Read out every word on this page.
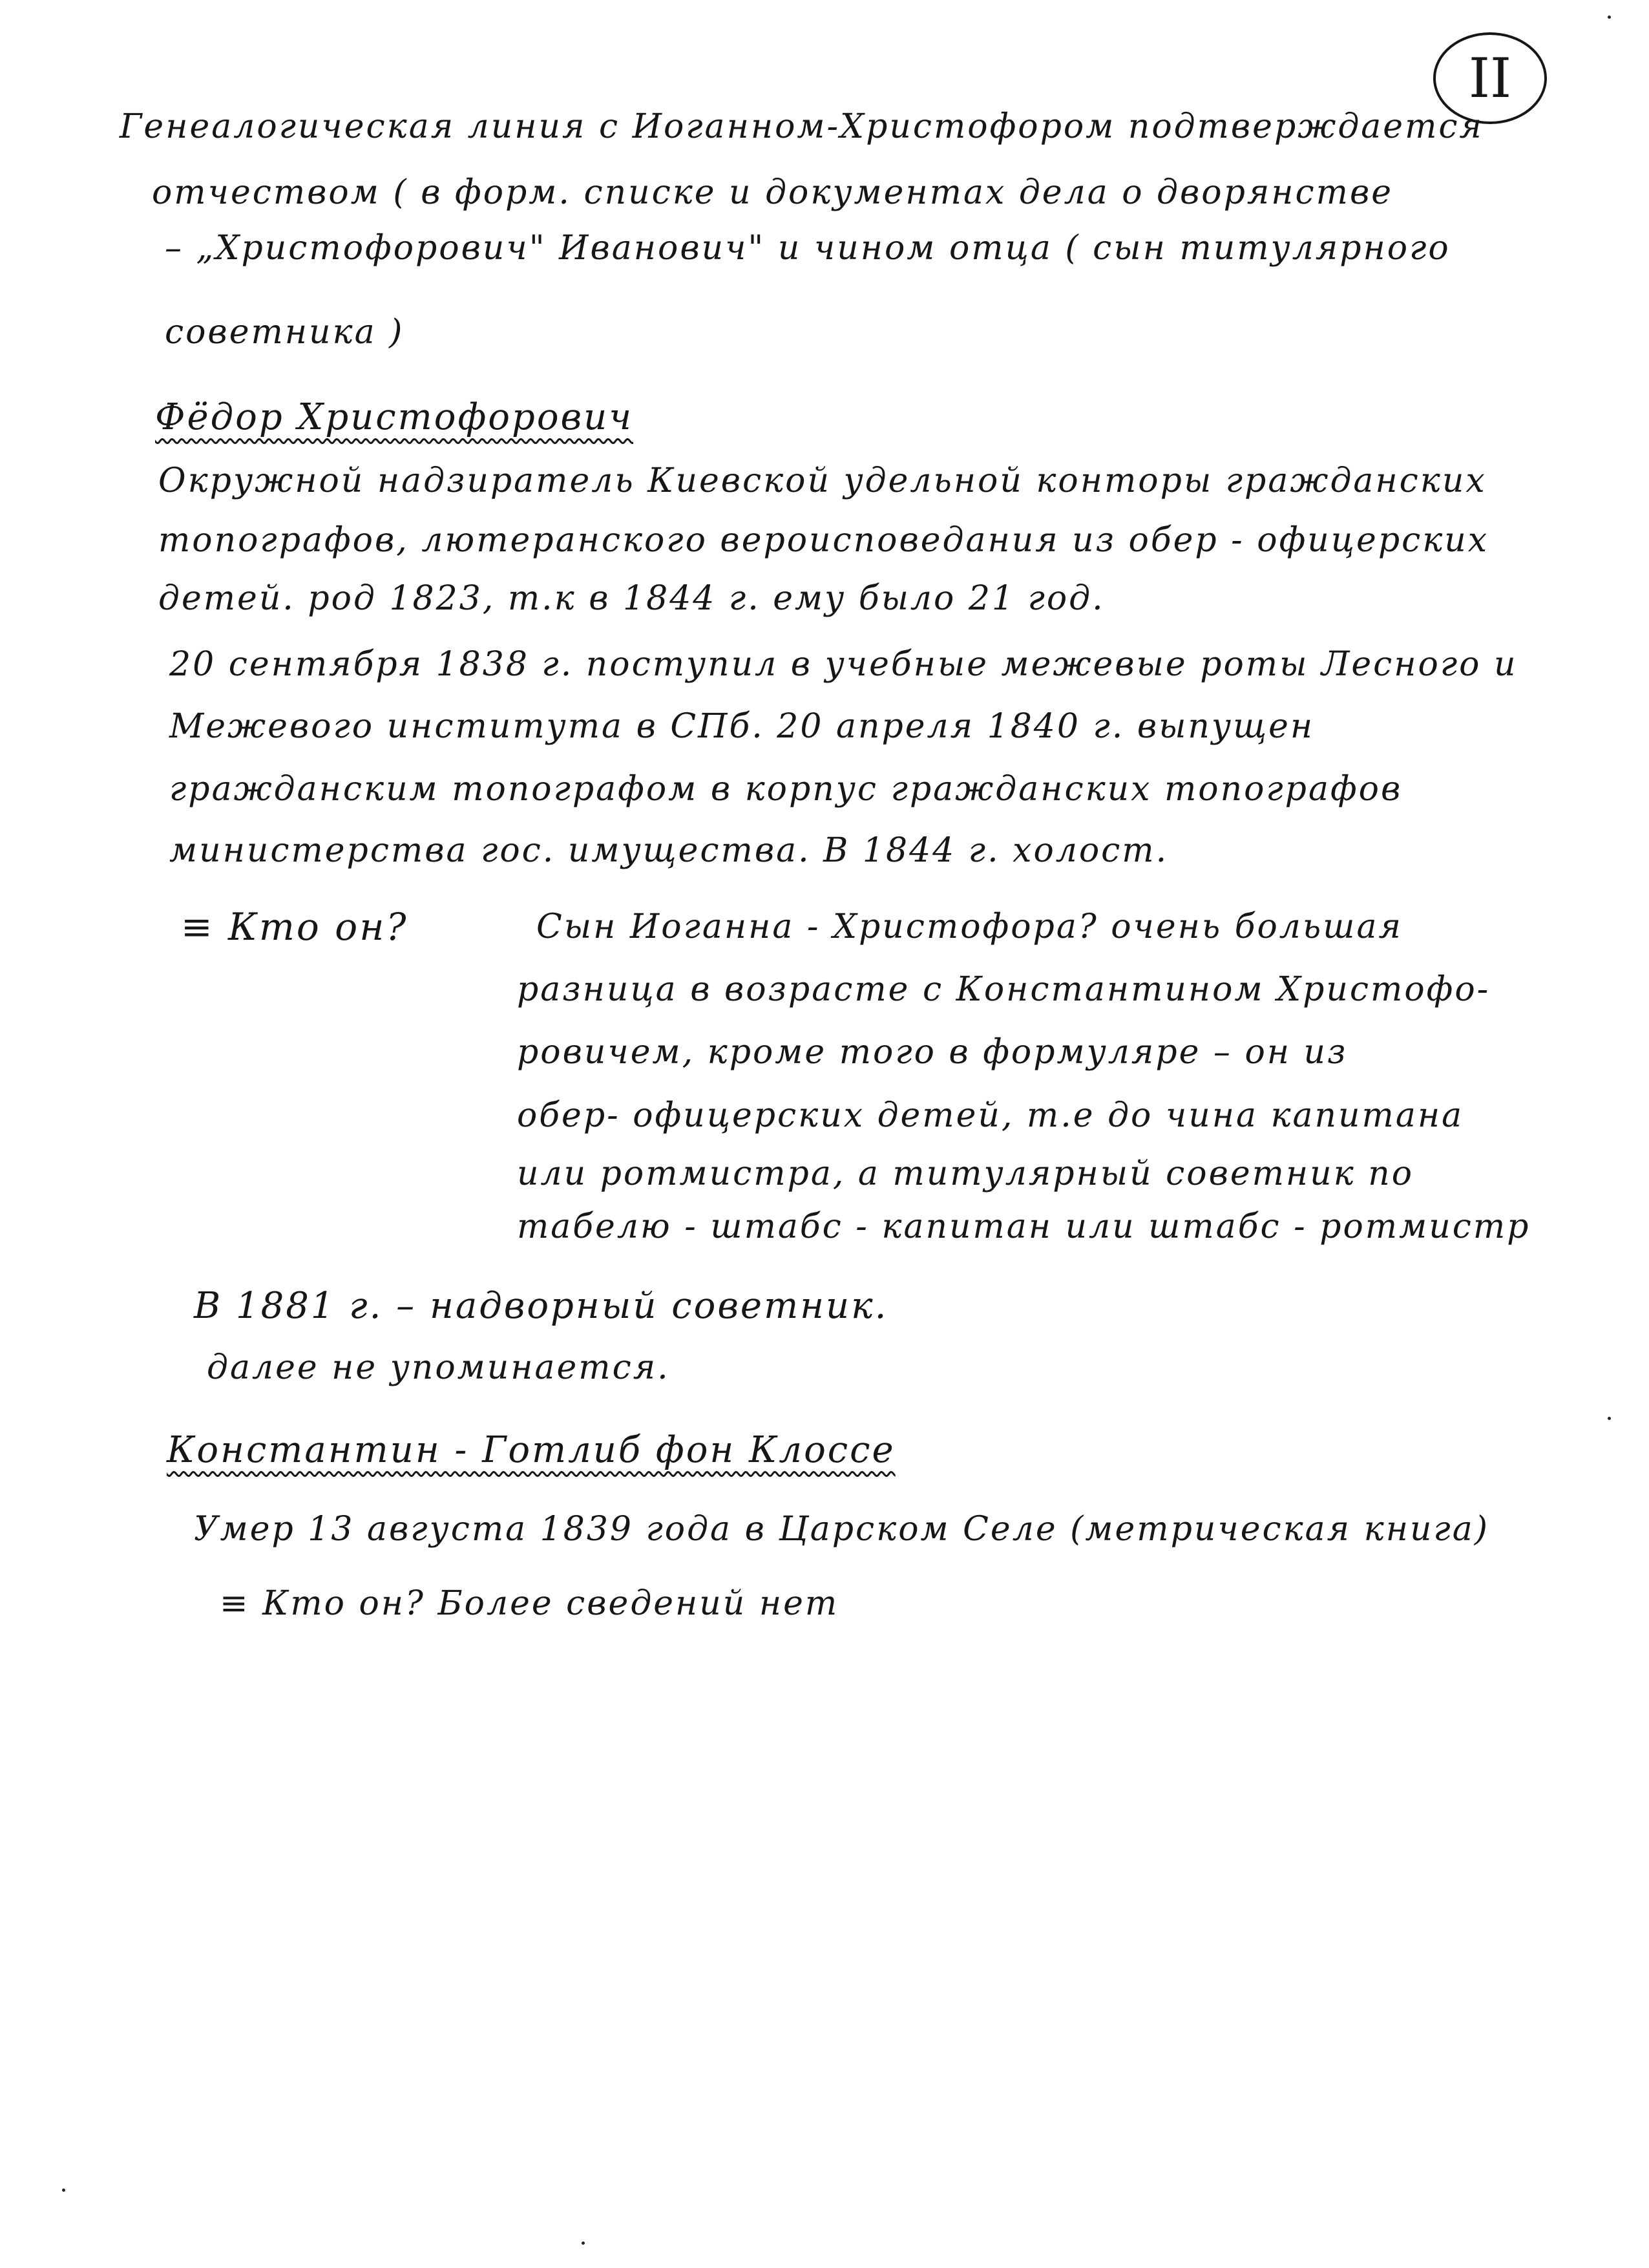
II
Генеалогическая линия с Иоганном-Христофором подтверждается
отчеством ( в форм. списке и документах дела о дворянстве
– „Христофорович" Иванович" и чином отца ( сын титулярного
советника )
Фёдор Христофорович
Окружной надзиратель Киевской удельной конторы гражданских
топографов, лютеранского вероисповедания из обер - офицерских
детей. род 1823, т.к в 1844 г. ему было 21 год.
20 сентября 1838 г. поступил в учебные межевые роты Лесного и
Межевого института в СПб. 20 апреля 1840 г. выпущен
гражданским топографом в корпус гражданских топографов
министерства гос. имущества. В 1844 г. холост.
≡ Кто он?	Сын Иоганна - Христофора? очень большая
разница в возрасте с Константином Христофо-
ровичем, кроме того в формуляре – он из
обер- офицерских детей, т.е до чина капитана
или ротмистра, а титулярный советник по
табелю - штабс - капитан или штабс - ротмистр
В 1881 г. – надворный советник.
далее не упоминается.
Константин - Готлиб фон Клоссе
Умер 13 августа 1839 года в Царском Селе (метрическая книга)
≡ Кто он? Более сведений нет
